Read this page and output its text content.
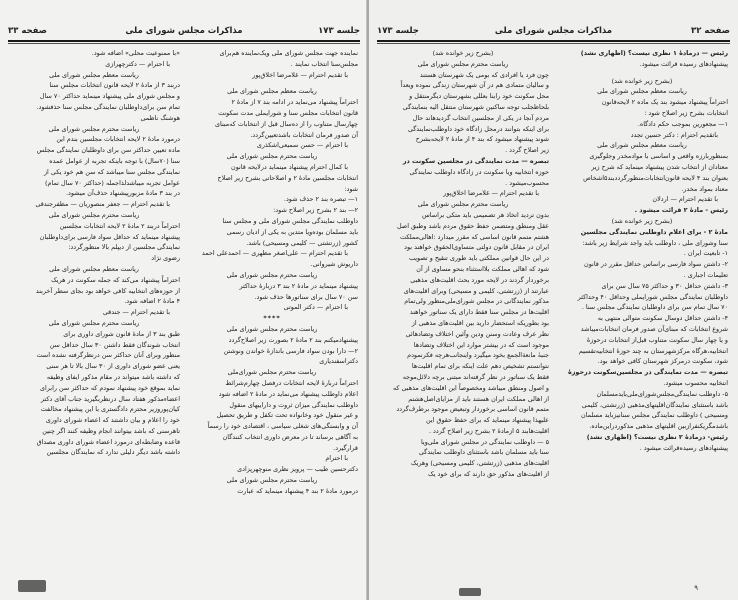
جلسه ۱۷۳
مذاکرات مجلس شورای ملی
صفحه ۳۳

نماینده جهت مجلس شورای ملی ویک‌نماینده هم‌برای

مجلس‌سنا انتخاب نمایند .

با تقدیم احترام — غلامرضا اخلاق‌پور

ریاست معظم مجلس شورای ملی

احتراماً پیشنهاد می‌نماید در ادامه بند ۷ از مادهٔ ۲

قانون انتخابات مجلس سنا و شورایملی مدت سکونت

چهارسال متناوب را از ده‌سال قبل از انتخابات که‌مبنای

آن صدور فرمان انتخابات باشدتعیین‌گردد.

با احترام — حسن سمیعی‌اشکذری

ریاست محترم مجلس شورای ملی

با کمال احترام پیشنهاد مینماید درلایحه قانون

انتخابات مجلسین مادهٔ ۲ و اصلاحاتی بشرح زیر اصلاح

شود:

۱— تبصره بند ۲ حذف شود.

۲— بند ۲ بشرح زیر اصلاح شود:

داوطلب نمایندگی مجلس شورای ملی و مجلس سنا

باید مسلمان بوده‌ویا متدین به یکی از ادیان رسمی

کشور (زرتشتی — کلیمی ومسیحی) باشد.

با تقدیم احترام — علی‌اصغر مظهری — احمدعلی احمد

داریوش شیروانی.

ریاست محترم مجلس شورای ملی

پیشنهاد مینماید در مادهٔ ۲ بند ۳ دربارهٔ حداکثر

سن ۷۰ سال برای سناتورها حذف شود.

با احترام — دکتر الموتی

****

ریاست محترم مجلس شورای ملی

پیشنهادمیکنم بند ۲ مادهٔ ۲ بصورت زیر اصلاح‌گردد

۲— دارا بودن سواد فارسی باندازهٔ خواندن ونوشتن

دکتراسفندیاری

ریاست محترم مجلس شورای‌ملی

احتراماً دربارهٔ لایحه انتخابات درفصل چهارم‌شرائط

اعلام داوطلب پیشنهاد می‌نماید در مادهٔ ۲ اضافه شود

داوطلب نمایندگی میزان ثروت و داراییهای منقول

و غیر منقول خود وخانواده تحت تکفل و طریق تحصیل

آن و وابستگی‌های شغلی سیاسی ، اقتصادی خود را رسماً

به آگاهی برساند تا در معرض داوری انتخاب کنندگان

قرارگیرد.

با احترام

دکترحسین طیب — پرویز نظری منوچهرپزادی

ریاست محترم مجلس شورای ملی

درمورد مادهٔ ۲ بند ۴ پیشنهاد مینماید که عبارت

«با ممنوعیت محلی» اضافه شود.

با احترام — دکترچهرازی

ریاست معظم مجلس شورای ملی

دربند ۳ از مادهٔ ۲ لایحه قانون انتخابات مجلس سنا

و مجلس شورای ملی پیشنهاد مینماید حداکثر ۷۰ سال

تمام سن برای‌داوطلبان نمایندگی مجلس سنا حذفشود.

هوشنگ ناظمی

ریاست محترم مجلس شورای ملی

درمورد مادهٔ ۲ لایحه انتخابات مجلسین بندم این

ماده تعیین حداکثر سن برای داوطلبان نمایندگی مجلس

سنا (۷۰سال) با توجه باینکه تجربه از عوامل عمده

نمایندگی مجلس سنا میباشد که سن هم خود یکی از

عوامل تجربه میباشدلذاجمله (حداکثر ۷۰ سال تمام)

در بند ۳ مادهٔ مزبورپیشنهاد حذف‌آن میشود.

با تقدیم احترام — جعفر منصوریان — مظفرجندقی

ریاست محترم مجلس شورای ملی

احتراماً دربند ۲ مادهٔ ۲ لایحه انتخابات مجلسین

پیشنهاد مینماید که حداقل سواد فارسی برای‌داوطلبان

نمایندگی مجلسین از دیپلم بالا منظورگردد:

رضوی نژاد

ریاست معظم مجلس شورای ملی

احتراماً پیشنهاد می‌کند که جمله سکونت در هریک

از حوزه‌های انتخابیه کافی خواهد بود بجای سطر آخربند

۴ مادهٔ ۲ اضافه شود.

با تقدیم احترام — جندقی

ریاست محترم مجلس شورای ملی

طبق بند ۳ از مادهٔ قانون شورای داوری برای

انتخاب شوندگان فقط داشتن ۳۰ سال حداقل سن

منظور وبرای آنان حداکثر سن درنظرگرفته نشده است

یعنی عضو شورای داوری از ۳۰ سال بالا تا هر سنی

که داشته باشد میتواند در مقام مذکور ایفای وظیفه

نماید بموقع خود پیشنهاد نمودم که حداکثر سن رابرای

اعضاءمذکور هفتاد سال درنظربگیرید جناب آقای دکتر

کیان‌پوروزیر محترم دادگستری با این پیشنهاد مخالفت

خود را اعلام و بیان داشتند که اعضاء شورای داوری

تاهرسنی که باشد بیتوانند انجام وظیفه کنند اگر چنین

قاعده وضابطه‌ای درمورد اعضاء شورای داوری مصداق

داشته باشد دیگر دلیلی ندارد که نمایندگان مجلسین

صفحه ۳۲
مذاکرات مجلس شورای ملی
جلسه ۱۷۳

رئیس — درمادهٔ ۱ نظری نیست؟ (اظهاری نشد)

پیشنهادهای رسیده قرائت میشود.

(بشرح زیر خوانده شد)

ریاست معظم مجلس شورای ملی

احتراماً پیشنهاد میشود بند یک ماده ۲ لایحه‌قانون

انتخابات بشرح زیر اصلاح شود :

۱— مجعورین بموجب حکم دادگاه.

باتقدیم احترام : دکتر حسین تجدد

ریاست معظم مجلس شورای ملی

بمنظوربارزه واقعی و اساسی با موادمخدر وجلوگیری

معتادان از انتخاب شدن پیشنهاد مینماید که شرح زیر

بعنوان بند ۴ لایحه قانون‌انتخابات‌منظورگرددبند۵اشخاص

معتاد بمواد مخدر.

با تقدیم احترام — اردلان

رئیس - مادهٔ ۲ قرائت میشود .

(بشرح زیر خوانده شد)

مادهٔ ۲ - برای اعلام داوطلبی نمایندگی مجلسین

سنا وشورای ملی ، داوطلب باید واجد شرایط زیر باشد:

۱- تابعیت ایران .

۲- داشتن سواد فارسی براساس حداقل مقرر در قانون

تعلیمات اجباری .

۳- داشتن حداقل ۳۰ و حداکثر ۷۵ سال سن برای

داوطلبان نمایندگی مجلس شورایملی وحداقل ۴۰ وحداکثر

۷۰ سال تمام سن برای داوطلبان نمایندگی مجلس سنا .

۴- داشتن حداقل دوسال سکونت متوالی منتهی به

شروع انتخابات که مبنای‌آن صدور فرمان انتخابات‌میباشد

و یا چهار سال سکونت متناوب قبل‌از انتخابات درحوزهٔ

انتخابیه،هرگاه مرکزشهرستان به چند حوزهٔ انتخابیه‌تقسیم

شود، سکونت درمرکز شهرستان کافی خواهد بود.

تبصره — مدت نمایندگی در مجلسین‌سکونت درحوزهٔ

انتخابیه محسوب میشود.

۵- داوطلب نمایندگی‌مجلس‌شورای‌ملی‌بایدمسلمان

باشد باستثنای نمایندگان‌اقلیتهای‌مذهبی (زرتشتی، کلیمی

ومسیحی ) داوطلب نمایندگی مجلس سنانیزباید مسلمان

باشدمگریکنفرازبین اقلیتهای مذهبی مذکوردراین‌ماده.

رئیس- درمادهٔ ۲ نظری نیست؟ (اظهاری نشد)

پیشنهادهای رسیده‌قرائت میشود .

(بشرح زیر خوانده شد)

ریاست محترم مجلس شورای ملی

چون فرد یا افرادی که بومی یک شهرستان هستند

و سالیان متمادی هم در آن شهرستان زندگی نموده ویعداً

محل سکونت خود رابنا بعللی بشهرستان دیگرمنتقل و

بلحاظجلب توجه ساکنین شهرستان منتقل الیه بنمایندگی

مردم آنجا در یکی از مجلسین انتخاب گردیدهاند حال

برای اینکه بتوانند درمحل زادگاه خود داوطلب‌نمایندگی

شوند پیشنهاد میشود که بند ۴ از مادهٔ ۲ لایحه‌بشرح

زیر اصلاح گردد .

تبصره — مدت نمایندگی در مجلسین سکونت در

حوزه انتخابیه ویا سکونت در زادگاه داوطلب نمایندگی

محسوب‌میشود .

با تقدیم احترام — غلامرضا اخلاق‌پور

ریاست محترم مجلس شورای ملی

بدون تردید اتخاذ هر تصمیمی باید متکی براساس

عقل ومنطق ومتضمن حفظ حقوق مردم باشد وطبق اصل

هشتم متمم قانون اساسی که مقرر میدارد :اهالی‌مملکت

ایران در مقابل قانون دولتی متساوی‌الحقوق خواهند بود

در این حال قوانین مملکتی باید طوری تنقیح و تصویب

شود که اهالی مملکت بلااستثناء بنحو مساوی از آن

برخوردار گردند در لایحه مورد بحث اقلیت‌های مذهبی

عبارتند از (زرتشتی، کلیمی و مسیحی) وبرای اقلیت‌های

مذکور نمایندگانی در مجلس شورای‌ملی‌منظور ولی‌تمام

اقلیت‌ها در مجلس سنا فقط دارای یک سناتور خواهند

بود بطوریکه استحضار دارید بین اقلیت‌های مذهبی از

نظر عرف وعادت وسنن ودین وآئین اختلاف وتضادهائی

موجود است که در بیشتر موارد این اختلاف وتضادها

جنبهٔ مانعةالجمع بخود میگیرد واینجانب‌هرچه فکرنمودم

نتوانستم تشخیص دهم علت اینکه برای تمام اقلیت‌ها

فقط یک سناتور در نظر گرفته‌اند مبتنی برچه دلائل‌موجه

و اصول ومنطق میباشد ومخصوصاً این اقلیت‌های مذهبی که

از اهالی مملکت ایران هستند باید از مزایای‌اصل‌هشتم

متمم قانون اساسی برخوردار وتبعیض موجود برطرف‌گردد

علیهذا پیشنهاد مینماید که برای حفظ حقوق این

اقلیت‌هابند ۵ ازمادهٔ ۲ بشرح زیر اصلاح گردد .

۵ — داوطلب نمایندگی در مجلس شورای ملی‌ویا

سنا باید مسلمان باشد باستثنای داوطلب نمایندگی

اقلیت‌های مذهبی (زرتشتی، کلیمی ومسیحی) وهریک

از اقلیت‌های مذکور حق دارند که برای خود یک

۹
